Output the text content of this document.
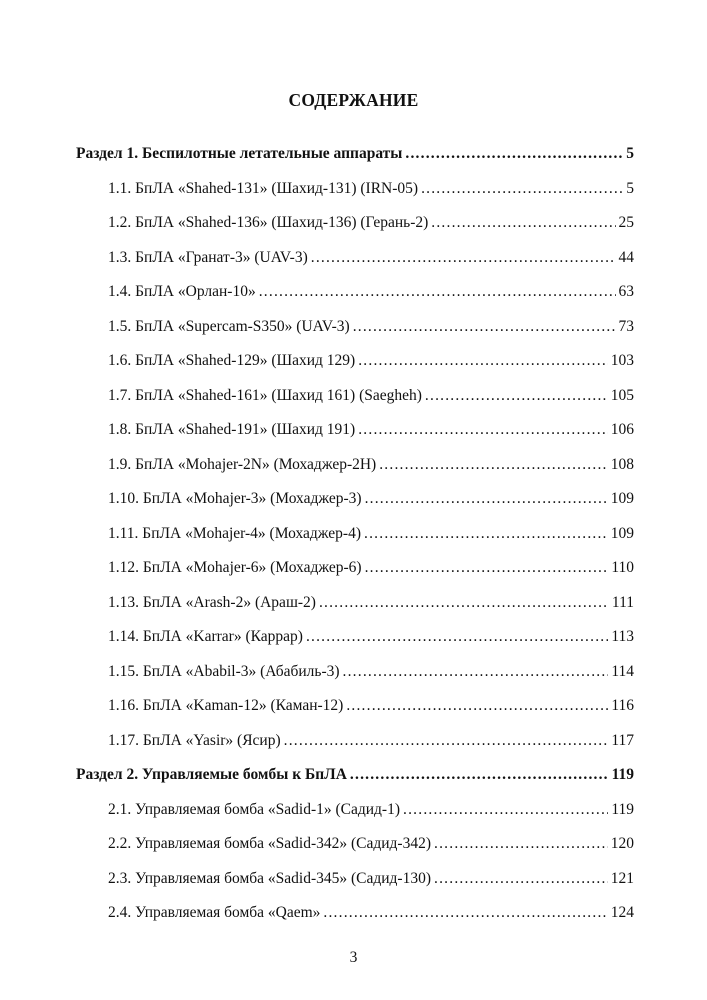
СОДЕРЖАНИЕ
Раздел 1. Беспилотные летательные аппараты .....	5
1.1. БпЛА «Shahed-131» (Шахид-131) (IRN-05) .....	5
1.2. БпЛА «Shahed-136» (Шахид-136) (Герань-2) .....	25
1.3. БпЛА «Гранат-3» (UAV-3) .....	44
1.4. БпЛА «Орлан-10» .....	63
1.5. БпЛА «Supercam-S350» (UAV-3) .....	73
1.6. БпЛА «Shahed-129» (Шахид 129) .....	103
1.7. БпЛА «Shahed-161» (Шахид 161) (Saegheh) .....	105
1.8. БпЛА «Shahed-191» (Шахид 191) .....	106
1.9. БпЛА «Mohajer-2N» (Мохаджер-2Н) .....	108
1.10. БпЛА «Mohajer-3» (Мохаджер-3) .....	109
1.11. БпЛА «Mohajer-4» (Мохаджер-4) .....	109
1.12. БпЛА «Mohajer-6» (Мохаджер-6) .....	110
1.13. БпЛА «Arash-2» (Араш-2) .....	111
1.14. БпЛА «Karrar» (Каррар) .....	113
1.15. БпЛА «Ababil-3» (Абабиль-3) .....	114
1.16. БпЛА «Kaman-12» (Каман-12) .....	116
1.17. БпЛА «Yasir» (Ясир) .....	117
Раздел 2. Управляемые бомбы к БпЛА .....	119
2.1. Управляемая бомба «Sadid-1» (Садид-1) .....	119
2.2. Управляемая бомба «Sadid-342» (Садид-342) .....	120
2.3. Управляемая бомба «Sadid-345» (Садид-130) .....	121
2.4. Управляемая бомба «Qaem» .....	124
3
